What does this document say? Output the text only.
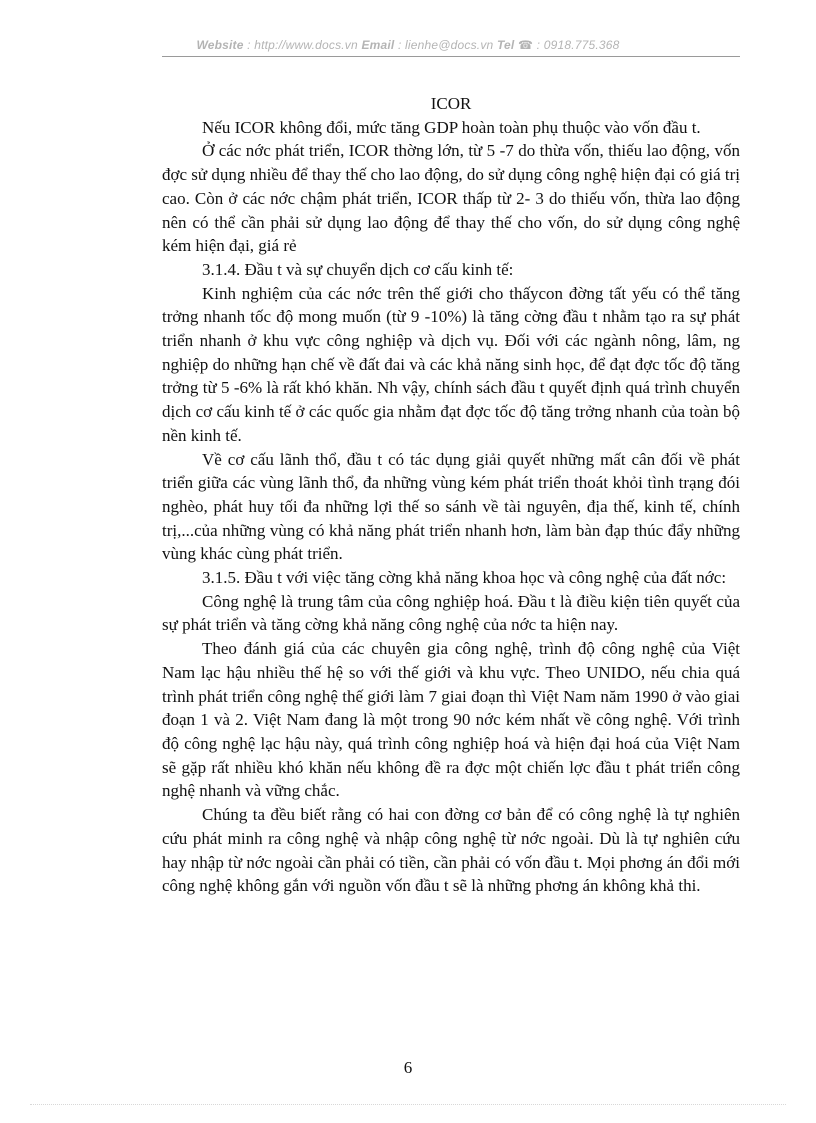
Website : http://www.docs.vn Email : lienhe@docs.vn Tel ☎ : 0918.775.368

ICOR

Nếu ICOR không đổi, mức tăng GDP hoàn toàn phụ thuộc vào vốn đầu t.

Ở các nớc phát triển, ICOR thờng lớn, từ 5 -7 do thừa vốn, thiếu lao động, vốn đợc sử dụng nhiều để thay thế cho lao động, do sử dụng công nghệ hiện đại có giá trị cao. Còn ở các nớc chậm phát triển, ICOR thấp từ 2- 3 do thiếu vốn, thừa lao động nên có thể cần phải sử dụng lao động để thay thế cho vốn, do sử dụng công nghệ kém hiện đại, giá rẻ

3.1.4. Đầu t và sự chuyển dịch cơ cấu kinh tế:

Kinh nghiệm của các nớc trên thế giới cho thấycon đờng tất yếu có thể tăng trởng nhanh tốc độ mong muốn (từ 9 -10%) là tăng cờng đầu t nhằm tạo ra sự phát triển nhanh ở khu vực công nghiệp và dịch vụ. Đối với các ngành nông, lâm, ng nghiệp do những hạn chế về đất đai và các khả năng sinh học, để đạt đợc tốc độ tăng trởng từ 5 -6% là rất khó khăn. Nh vậy, chính sách đầu t quyết định quá trình chuyển dịch cơ cấu kinh tế ở các quốc gia nhằm đạt đợc tốc độ tăng trởng nhanh của toàn bộ nền kinh tế.

Về cơ cấu lãnh thổ, đầu t có tác dụng giải quyết những mất cân đối về phát triển giữa các vùng lãnh thổ, đa những vùng kém phát triển thoát khỏi tình trạng đói nghèo, phát huy tối đa những lợi thế so sánh về tài nguyên, địa thế, kinh tế, chính trị,...của những vùng có khả năng phát triển nhanh hơn, làm bàn đạp thúc đẩy những vùng khác cùng phát triển.

3.1.5. Đầu t với việc tăng cờng khả năng khoa học và công nghệ của đất nớc:

Công nghệ là trung tâm của công nghiệp hoá. Đầu t là điều kiện tiên quyết của sự phát triển và tăng cờng khả năng công nghệ của nớc ta hiện nay.

Theo đánh giá của các chuyên gia công nghệ, trình độ công nghệ của Việt Nam lạc hậu nhiều thế hệ so với thế giới và khu vực. Theo UNIDO, nếu chia quá trình phát triển công nghệ thế giới làm 7 giai đoạn thì Việt Nam năm 1990 ở vào giai đoạn 1 và 2. Việt Nam đang là một trong 90 nớc kém nhất về công nghệ. Với trình độ công nghệ lạc hậu này, quá trình công nghiệp hoá và hiện đại hoá của Việt Nam sẽ gặp rất nhiều khó khăn nếu không đề ra đợc một chiến lợc đầu t phát triển công nghệ nhanh và vững chắc.

Chúng ta đều biết rằng có hai con đờng cơ bản để có công nghệ là tự nghiên cứu phát minh ra công nghệ và nhập công nghệ từ nớc ngoài. Dù là tự nghiên cứu hay nhập từ nớc ngoài cần phải có tiền, cần phải có vốn đầu t. Mọi phơng án đổi mới công nghệ không gắn với nguồn vốn đầu t sẽ là những phơng án không khả thi.

6
